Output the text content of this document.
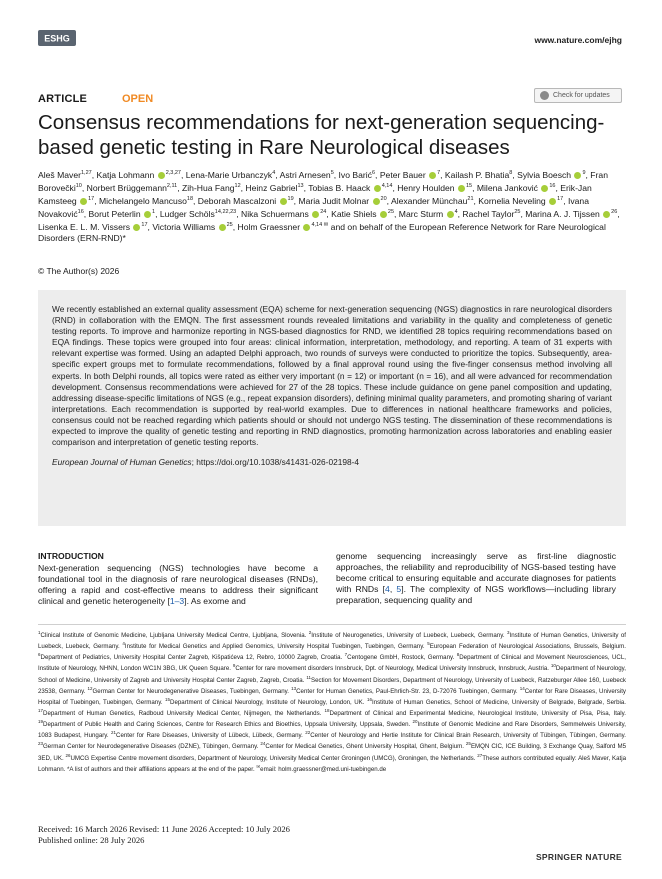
ESHG	www.nature.com/ejhg
ARTICLE	OPEN	Check for updates
Consensus recommendations for next-generation sequencing-based genetic testing in Rare Neurological diseases
Aleš Maver$^{1,27}$, Katja Lohmann $^{2,3,27}$, Lena-Marie Urbanczyk$^4$, Astri Arnesen$^5$, Ivo Barić$^6$, Peter Bauer $^7$, Kailash P. Bhatia$^8$, Sylvia Boesch $^9$, Fran Borovečki$^{10}$, Norbert Brüggemann$^{2,11}$, Zih-Hua Fang$^{12}$, Heinz Gabriel$^{13}$, Tobias B. Haack $^{4,14}$, Henry Houlden $^{15}$, Milena Janković $^{16}$, Erik-Jan Kamsteeg $^{17}$, Michelangelo Mancuso$^{18}$, Deborah Mascalzoni $^{19}$, Maria Judit Molnar $^{20}$, Alexander Münchau$^{21}$, Kornelia Neveling $^{17}$, Ivana Novaković$^{16}$, Borut Peterlin $^1$, Ludger Schöls$^{14,22,23}$, Nika Schuermans $^{24}$, Katie Shiels $^{25}$, Marc Sturm $^4$, Rachel Taylor$^{25}$, Marina A. J. Tijssen $^{26}$, Lisenka E. L. M. Vissers $^{17}$, Victoria Williams $^{25}$, Holm Graessner $^{4,14 ✉}$ and on behalf of the European Reference Network for Rare Neurological Disorders (ERN-RND)*
© The Author(s) 2026
We recently established an external quality assessment (EQA) scheme for next-generation sequencing (NGS) diagnostics in rare neurological disorders (RND) in collaboration with the EMQN. The first assessment rounds revealed limitations and variability in the quality and completeness of genetic testing reports. To improve and harmonize reporting in NGS-based diagnostics for RND, we identified 28 topics requiring recommendations based on EQA findings. These topics were grouped into four areas: clinical information, interpretation, methodology, and reporting. A team of 31 experts with relevant expertise was formed. Using an adapted Delphi approach, two rounds of surveys were conducted to prioritize the topics. Subsequently, area-specific expert groups met to formulate recommendations, followed by a final approval round using the five-finger consensus method involving all experts. In both Delphi rounds, all topics were rated as either very important (n = 12) or important (n = 16), and all were advanced for recommendation development. Consensus recommendations were achieved for 27 of the 28 topics. These include guidance on gene panel composition and updating, addressing disease-specific limitations of NGS (e.g., repeat expansion disorders), defining minimal quality parameters, and promoting sharing of variant interpretations. Each recommendation is supported by real-world examples. Due to differences in national healthcare frameworks and policies, consensus could not be reached regarding which patients should or should not undergo NGS testing. The dissemination of these recommendations is expected to improve the quality of genetic testing and reporting in RND diagnostics, promoting harmonization across laboratories and enabling easier comparison and interpretation of genetic testing reports.
European Journal of Human Genetics; https://doi.org/10.1038/s41431-026-02198-4
INTRODUCTION
Next-generation sequencing (NGS) technologies have become a foundational tool in the diagnosis of rare neurological diseases (RNDs), offering a rapid and cost-effective means to address their significant clinical and genetic heterogeneity [1–3]. As exome and
genome sequencing increasingly serve as first-line diagnostic approaches, the reliability and reproducibility of NGS-based testing have become critical to ensuring equitable and accurate diagnoses for patients with RNDs [4, 5]. The complexity of NGS workflows—including library preparation, sequencing quality and
$^1$Clinical Institute of Genomic Medicine, Ljubljana University Medical Centre, Ljubljana, Slovenia. $^2$Institute of Neurogenetics, University of Luebeck, Luebeck, Germany. $^3$Institute of Human Genetics, University of Luebeck, Luebeck, Germany. $^4$Institute for Medical Genetics and Applied Genomics, University Hospital Tuebingen, Tuebingen, Germany. $^5$European Federation of Neurological Associations, Brussels, Belgium. $^6$Department of Pediatrics, University Hospital Center Zagreb, Kišpatićeva 12, Rebro, 10000 Zagreb, Croatia. $^7$Centogene GmbH, Rostock, Germany. $^8$Department of Clinical and Movement Neurosciences, UCL, Institute of Neurology, NHNN, London WC1N 3BG, UK Queen Square. $^9$Center for rare movement disorders Innsbruck, Dpt. of Neurology, Medical University Innsbruck, Innsbruck, Austria. $^{10}$Department of Neurology, School of Medicine, University of Zagreb and University Hospital Center Zagreb, Zagreb, Croatia. $^{11}$Section for Movement Disorders, Department of Neurology, University of Luebeck, Ratzeburger Allee 160, Luebeck 23538, Germany. $^{12}$German Center for Neurodegenerative Diseases, Tuebingen, Germany. $^{13}$Center for Human Genetics, Paul-Ehrlich-Str. 23, D-72076 Tuebingen, Germany. $^{14}$Center for Rare Diseases, University Hospital of Tuebingen, Tuebingen, Germany. $^{15}$Department of Clinical Neurology, Institute of Neurology, London, UK. $^{16}$Institute of Human Genetics, School of Medicine, University of Belgrade, Belgrade, Serbia. $^{17}$Department of Human Genetics, Radboud University Medical Center, Nijmegen, the Netherlands. $^{18}$Department of Clinical and Experimental Medicine, Neurological Institute, University of Pisa, Pisa, Italy. $^{19}$Department of Public Health and Caring Sciences, Centre for Research Ethics and Bioethics, Uppsala University, Uppsala, Sweden. $^{20}$Institute of Genomic Medicine and Rare Disorders, Semmelweis University, 1083 Budapest, Hungary. $^{21}$Center for Rare Diseases, University of Lübeck, Lübeck, Germany. $^{22}$Center of Neurology and Hertie Institute for Clinical Brain Research, University of Tübingen, Tübingen, Germany. $^{23}$German Center for Neurodegenerative Diseases (DZNE), Tübingen, Germany. $^{24}$Center for Medical Genetics, Ghent University Hospital, Ghent, Belgium. $^{25}$EMQN CIC, ICE Building, 3 Exchange Quay, Salford M5 3ED, UK. $^{26}$UMCG Expertise Centre movement disorders, Department of Neurology, University Medical Center Groningen (UMCG), Groningen, the Netherlands. $^{27}$These authors contributed equally: Aleš Maver, Katja Lohmann. *A list of authors and their affiliations appears at the end of the paper. ✉email: holm.graessner@med.uni-tuebingen.de
Received: 16 March 2026 Revised: 11 June 2026 Accepted: 10 July 2026
Published online: 28 July 2026
SPRINGER NATURE
